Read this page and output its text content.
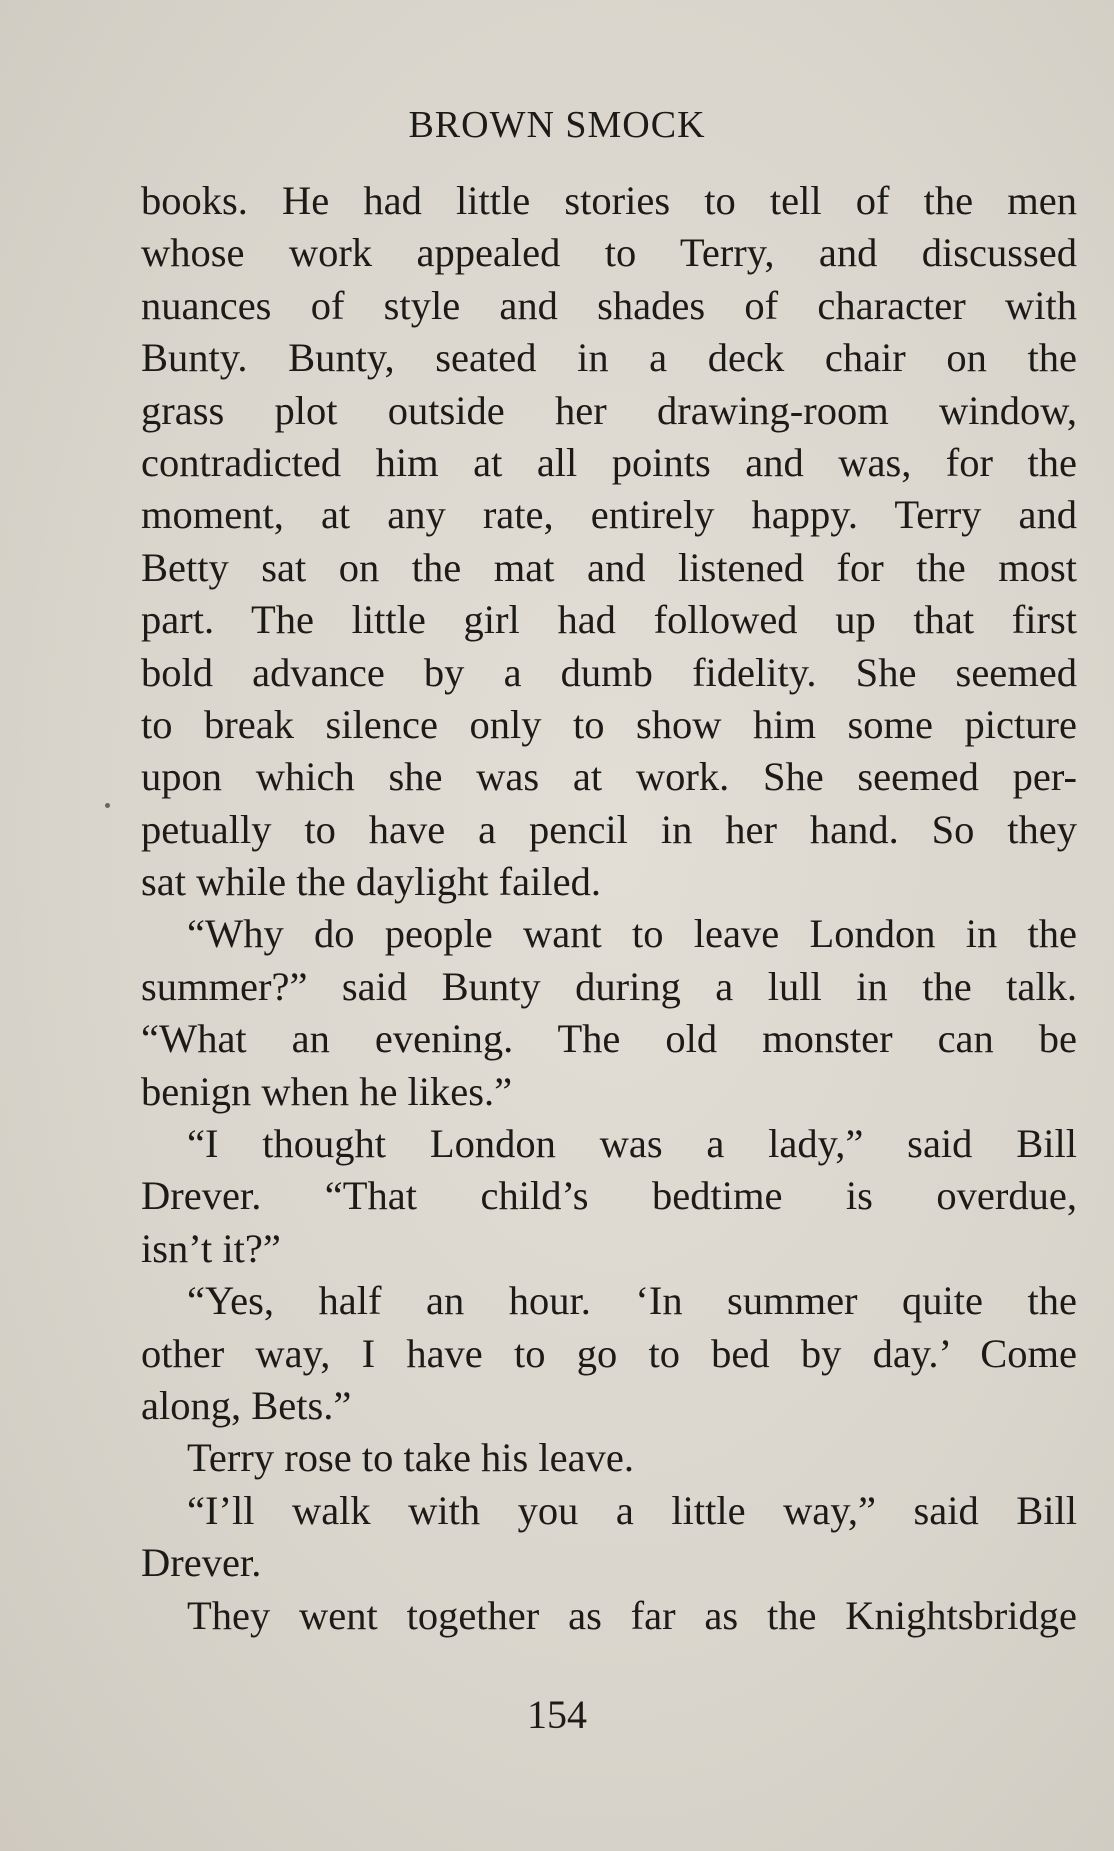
BROWN SMOCK
books. He had little stories to tell of the men
whose work appealed to Terry, and discussed
nuances of style and shades of character with
Bunty. Bunty, seated in a deck chair on the
grass plot outside her drawing-room window,
contradicted him at all points and was, for the
moment, at any rate, entirely happy. Terry and
Betty sat on the mat and listened for the most
part. The little girl had followed up that first
bold advance by a dumb fidelity. She seemed
to break silence only to show him some picture
upon which she was at work. She seemed per-
petually to have a pencil in her hand. So they
sat while the daylight failed.
“Why do people want to leave London in the
summer?” said Bunty during a lull in the talk.
“What an evening. The old monster can be
benign when he likes.”
“I thought London was a lady,” said Bill
Drever. “That child’s bedtime is overdue,
isn’t it?”
“Yes, half an hour. ‘In summer quite the
other way, I have to go to bed by day.’ Come
along, Bets.”
Terry rose to take his leave.
“I’ll walk with you a little way,” said Bill
Drever.
They went together as far as the Knightsbridge
154
